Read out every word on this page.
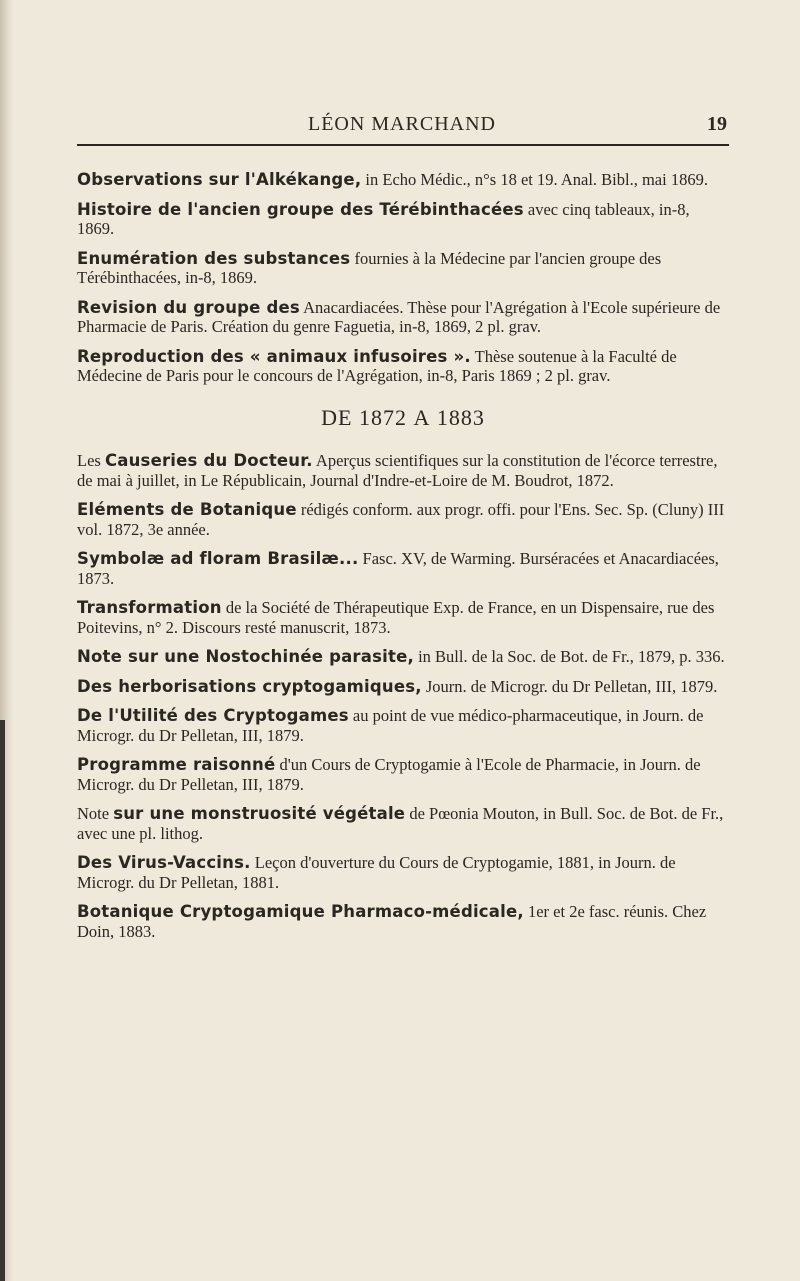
LÉON MARCHAND	19

Observations sur l'Alkékange, in Echo Médic., n°s 18 et 19. Anal. Bibl., mai 1869.

Histoire de l'ancien groupe des Térébinthacées avec cinq tableaux, in-8, 1869.

Enumération des substances fournies à la Médecine par l'ancien groupe des Térébinthacées, in-8, 1869.

Revision du groupe des Anacardiacées. Thèse pour l'Agrégation à l'Ecole supérieure de Pharmacie de Paris. Création du genre Faguetia, in-8, 1869, 2 pl. grav.

Reproduction des « animaux infusoires ». Thèse soutenue à la Faculté de Médecine de Paris pour le concours de l'Agrégation, in-8, Paris 1869 ; 2 pl. grav.

DE 1872 A 1883

Les Causeries du Docteur. Aperçus scientifiques sur la constitution de l'écorce terrestre, de mai à juillet, in Le Républicain, Journal d'Indre-et-Loire de M. Boudrot, 1872.

Eléments de Botanique rédigés conform. aux progr. offi. pour l'Ens. Sec. Sp. (Cluny) III vol. 1872, 3e année.

Symbolæ ad floram Brasilæ... Fasc. XV, de Warming. Burséracées et Anacardiacées, 1873.

Transformation de la Société de Thérapeutique Exp. de France, en un Dispensaire, rue des Poitevins, n° 2. Discours resté manuscrit, 1873.

Note sur une Nostochinée parasite, in Bull. de la Soc. de Bot. de Fr., 1879, p. 336.

Des herborisations cryptogamiques, Journ. de Microgr. du Dr Pelletan, III, 1879.

De l'Utilité des Cryptogames au point de vue médico-pharmaceutique, in Journ. de Microgr. du Dr Pelletan, III, 1879.

Programme raisonné d'un Cours de Cryptogamie à l'Ecole de Pharmacie, in Journ. de Microgr. du Dr Pelletan, III, 1879.

Note sur une monstruosité végétale de Pœonia Mouton, in Bull. Soc. de Bot. de Fr., avec une pl. lithog.

Des Virus-Vaccins. Leçon d'ouverture du Cours de Cryptogamie, 1881, in Journ. de Microgr. du Dr Pelletan, 1881.

Botanique Cryptogamique Pharmaco-médicale, 1er et 2e fasc. réunis. Chez Doin, 1883.
